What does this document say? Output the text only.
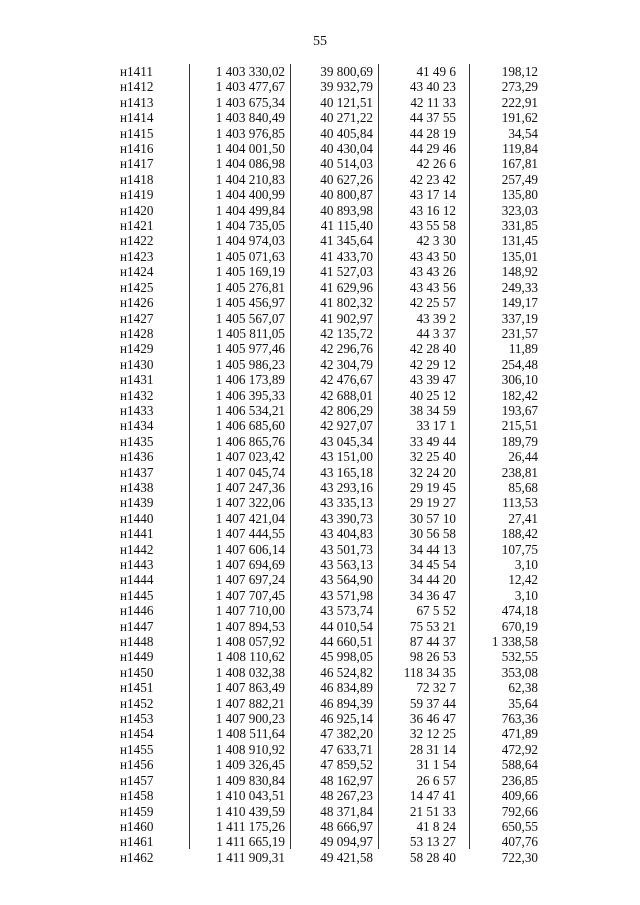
55
н1411	1 403 330,02	39 800,69	41 49 6	198,12
н1412	1 403 477,67	39 932,79	43 40 23	273,29
н1413	1 403 675,34	40 121,51	42 11 33	222,91
н1414	1 403 840,49	40 271,22	44 37 55	191,62
н1415	1 403 976,85	40 405,84	44 28 19	34,54
н1416	1 404 001,50	40 430,04	44 29 46	119,84
н1417	1 404 086,98	40 514,03	42 26 6	167,81
н1418	1 404 210,83	40 627,26	42 23 42	257,49
н1419	1 404 400,99	40 800,87	43 17 14	135,80
н1420	1 404 499,84	40 893,98	43 16 12	323,03
н1421	1 404 735,05	41 115,40	43 55 58	331,85
н1422	1 404 974,03	41 345,64	42 3 30	131,45
н1423	1 405 071,63	41 433,70	43 43 50	135,01
н1424	1 405 169,19	41 527,03	43 43 26	148,92
н1425	1 405 276,81	41 629,96	43 43 56	249,33
н1426	1 405 456,97	41 802,32	42 25 57	149,17
н1427	1 405 567,07	41 902,97	43 39 2	337,19
н1428	1 405 811,05	42 135,72	44 3 37	231,57
н1429	1 405 977,46	42 296,76	42 28 40	11,89
н1430	1 405 986,23	42 304,79	42 29 12	254,48
н1431	1 406 173,89	42 476,67	43 39 47	306,10
н1432	1 406 395,33	42 688,01	40 25 12	182,42
н1433	1 406 534,21	42 806,29	38 34 59	193,67
н1434	1 406 685,60	42 927,07	33 17 1	215,51
н1435	1 406 865,76	43 045,34	33 49 44	189,79
н1436	1 407 023,42	43 151,00	32 25 40	26,44
н1437	1 407 045,74	43 165,18	32 24 20	238,81
н1438	1 407 247,36	43 293,16	29 19 45	85,68
н1439	1 407 322,06	43 335,13	29 19 27	113,53
н1440	1 407 421,04	43 390,73	30 57 10	27,41
н1441	1 407 444,55	43 404,83	30 56 58	188,42
н1442	1 407 606,14	43 501,73	34 44 13	107,75
н1443	1 407 694,69	43 563,13	34 45 54	3,10
н1444	1 407 697,24	43 564,90	34 44 20	12,42
н1445	1 407 707,45	43 571,98	34 36 47	3,10
н1446	1 407 710,00	43 573,74	67 5 52	474,18
н1447	1 407 894,53	44 010,54	75 53 21	670,19
н1448	1 408 057,92	44 660,51	87 44 37	1 338,58
н1449	1 408 110,62	45 998,05	98 26 53	532,55
н1450	1 408 032,38	46 524,82	118 34 35	353,08
н1451	1 407 863,49	46 834,89	72 32 7	62,38
н1452	1 407 882,21	46 894,39	59 37 44	35,64
н1453	1 407 900,23	46 925,14	36 46 47	763,36
н1454	1 408 511,64	47 382,20	32 12 25	471,89
н1455	1 408 910,92	47 633,71	28 31 14	472,92
н1456	1 409 326,45	47 859,52	31 1 54	588,64
н1457	1 409 830,84	48 162,97	26 6 57	236,85
н1458	1 410 043,51	48 267,23	14 47 41	409,66
н1459	1 410 439,59	48 371,84	21 51 33	792,66
н1460	1 411 175,26	48 666,97	41 8 24	650,55
н1461	1 411 665,19	49 094,97	53 13 27	407,76
н1462	1 411 909,31	49 421,58	58 28 40	722,30
